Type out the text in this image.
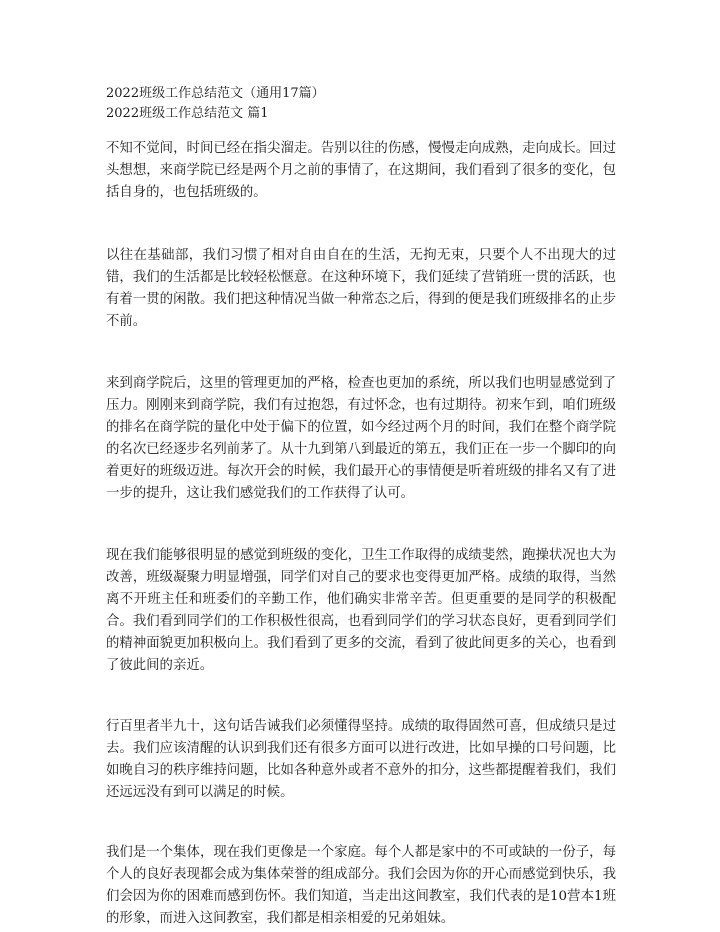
2022班级工作总结范文（通用17篇）

2022班级工作总结范文 篇1

不知不觉间，时间已经在指尖溜走。告别以往的伤感，慢慢走向成熟，走向成长。回过头想想，来商学院已经是两个月之前的事情了，在这期间，我们看到了很多的变化，包括自身的，也包括班级的。

以往在基础部，我们习惯了相对自由自在的生活，无拘无束，只要个人不出现大的过错，我们的生活都是比较轻松惬意。在这种环境下，我们延续了营销班一贯的活跃，也有着一贯的闲散。我们把这种情况当做一种常态之后，得到的便是我们班级排名的止步不前。

来到商学院后，这里的管理更加的严格，检查也更加的系统，所以我们也明显感觉到了压力。刚刚来到商学院，我们有过抱怨，有过怀念，也有过期待。初来乍到，咱们班级的排名在商学院的量化中处于偏下的位置，如今经过两个月的时间，我们在整个商学院的名次已经逐步名列前茅了。从十九到第八到最近的第五，我们正在一步一个脚印的向着更好的班级迈进。每次开会的时候，我们最开心的事情便是听着班级的排名又有了进一步的提升，这让我们感觉我们的工作获得了认可。

现在我们能够很明显的感觉到班级的变化，卫生工作取得的成绩斐然，跑操状况也大为改善，班级凝聚力明显增强，同学们对自己的要求也变得更加严格。成绩的取得，当然离不开班主任和班委们的辛勤工作，他们确实非常辛苦。但更重要的是同学的积极配合。我们看到同学们的工作积极性很高，也看到同学们的学习状态良好，更看到同学们的精神面貌更加积极向上。我们看到了更多的交流，看到了彼此间更多的关心，也看到了彼此间的亲近。

行百里者半九十，这句话告诫我们必须懂得坚持。成绩的取得固然可喜，但成绩只是过去。我们应该清醒的认识到我们还有很多方面可以进行改进，比如早操的口号问题，比如晚自习的秩序维持问题，比如各种意外或者不意外的扣分，这些都提醒着我们，我们还远远没有到可以满足的时候。

我们是一个集体，现在我们更像是一个家庭。每个人都是家中的不可或缺的一份子，每个人的良好表现都会成为集体荣誉的组成部分。我们会因为你的开心而感觉到快乐，我们会因为你的困难而感到伤怀。我们知道，当走出这间教室，我们代表的是10营本1班的形象，而进入这间教室，我们都是相亲相爱的兄弟姐妹。
